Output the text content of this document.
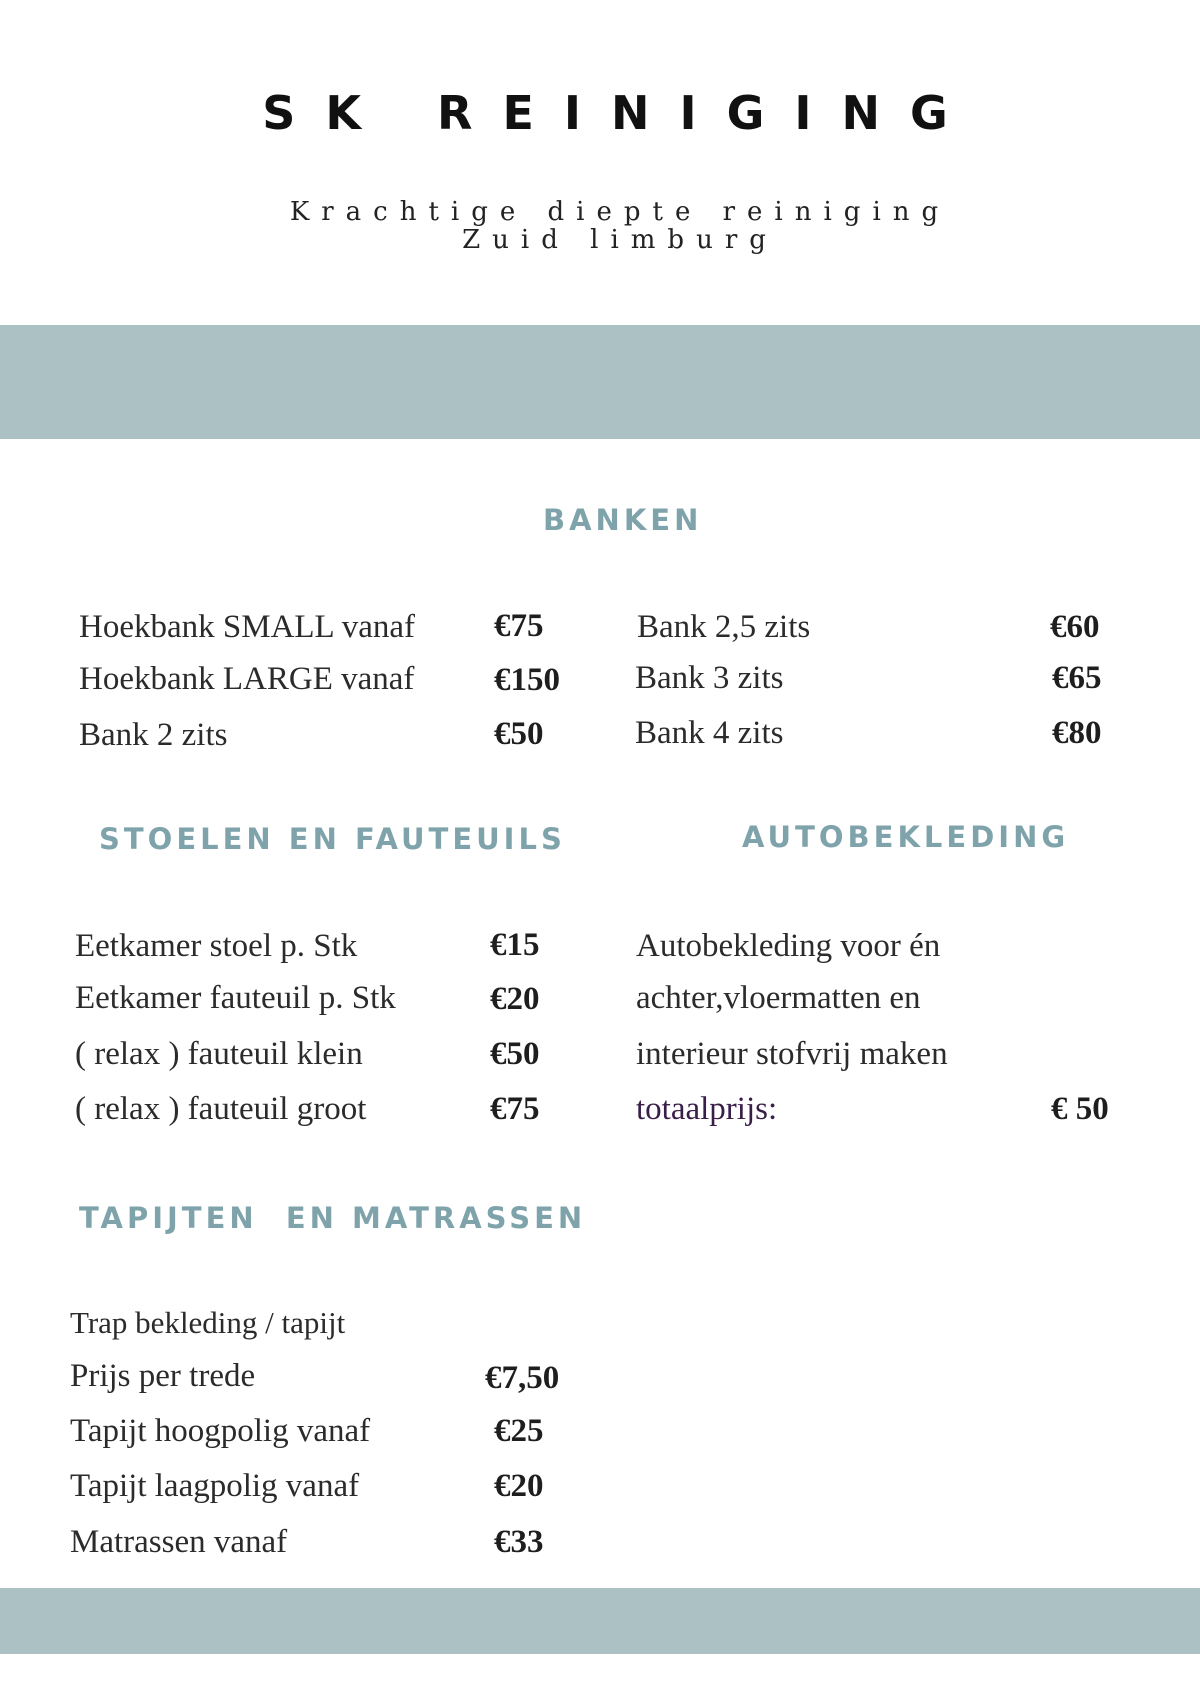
SK REINIGING
Krachtige diepte reiniging
Zuid limburg
BANKEN
Hoekbank SMALL vanaf €75
Hoekbank LARGE vanaf €150
Bank 2 zits	€50
Bank 2,5 zits	€60
Bank 3 zits	€65
Bank 4 zits	€80
STOELEN EN FAUTEUILS
Eetkamer stoel p. Stk	€15
Eetkamer fauteuil p. Stk	€20
( relax ) fauteuil klein	€50
( relax ) fauteuil groot	€75
AUTOBEKLEDING
Autobekleding voor én
achter,vloermatten en
interieur stofvrij maken
totaalprijs:	€ 50
TAPIJTEN  EN MATRASSEN
Trap bekleding / tapijt
Prijs per trede	€7,50
Tapijt hoogpolig vanaf	€25
Tapijt laagpolig vanaf	€20
Matrassen vanaf	€33
